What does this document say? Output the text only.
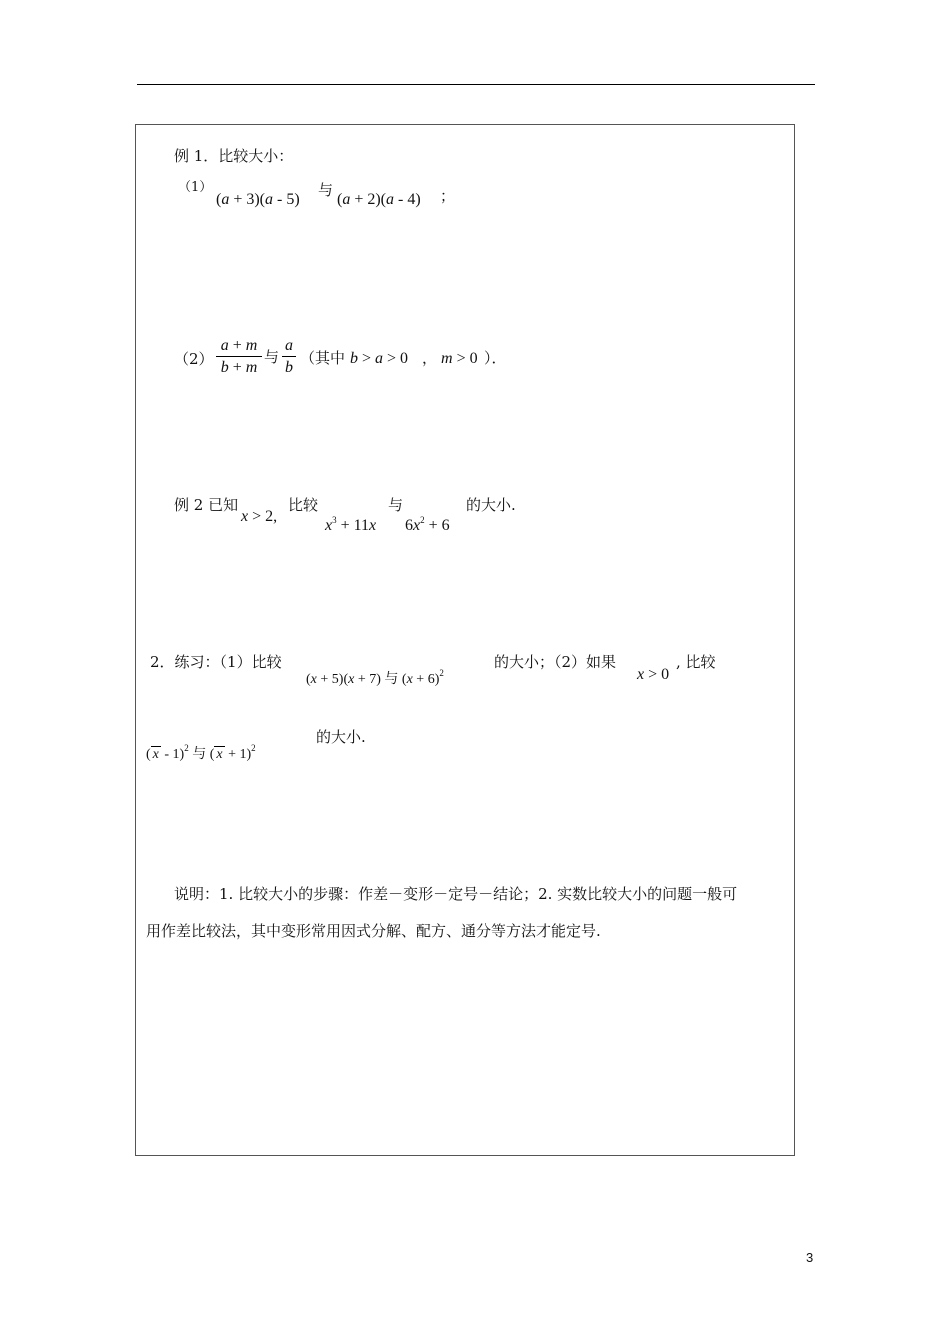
例 1．比较大小：
（1）
(a + 3)(a - 5)
与
(a + 2)(a - 4) ；
（2）
a + m
b + m
与
a
b
（其中 b > a > 0 ， m > 0 ）．
例 2 已知
x > 2,
比较
$x^3 + 11x$
与
$6x^2 + 6$
的大小.
2．练习：（1）比较
(x + 5)(x + 7) 与 $(x + 6)^2$
的大小；（2）如果
x > 0
, 比较
( x - 1)$^2$ 与 ( x + 1)$^2$
的大小.
说明：1. 比较大小的步骤：作差－变形－定号－结论；2. 实数比较大小的问题一般可
用作差比较法，其中变形常用因式分解、配方、通分等方法才能定号.
3
